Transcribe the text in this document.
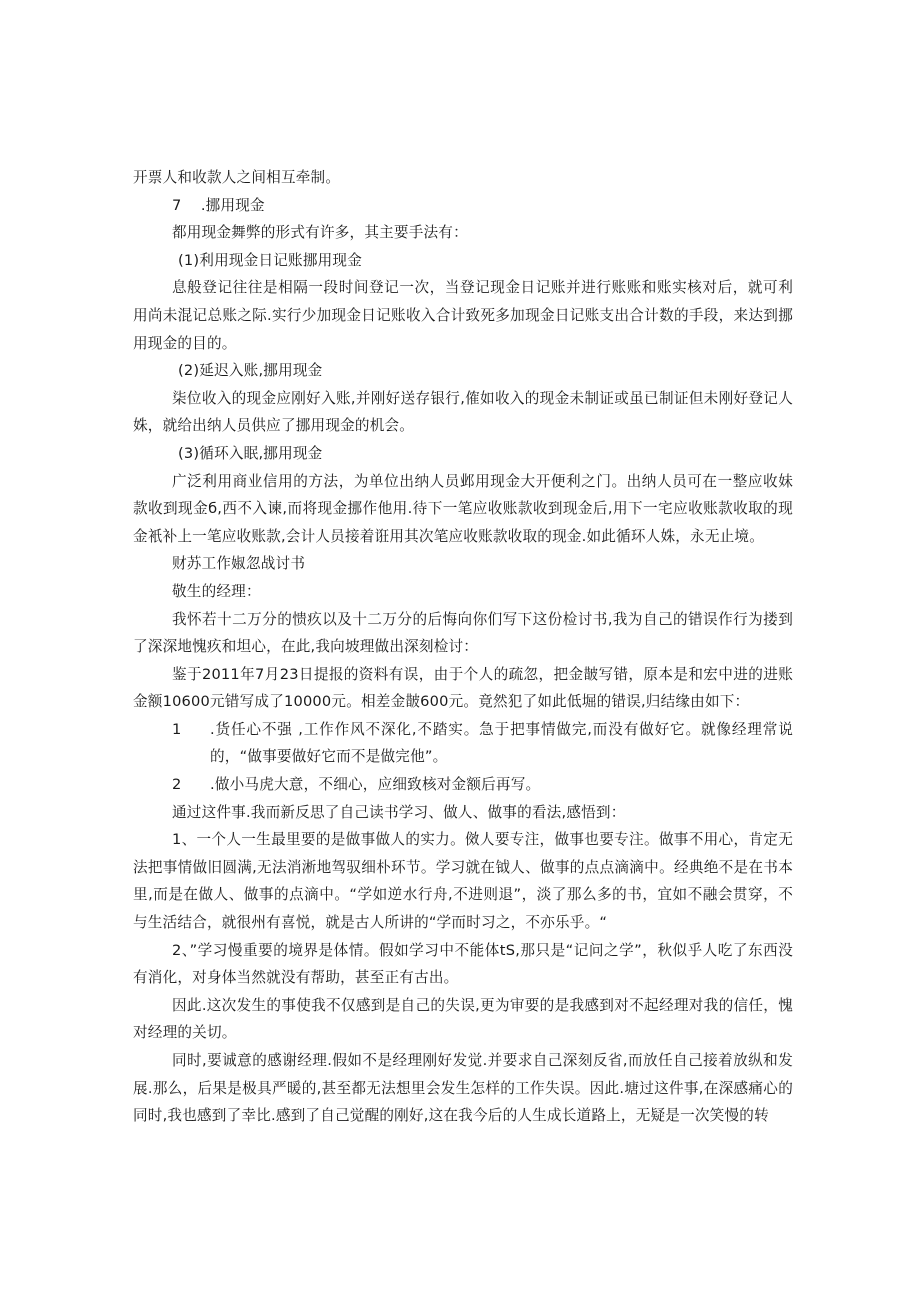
开票人和收款人之间相互牵制。

7    .挪用现金

都用现金舞弊的形式有许多，其主要手法有：

(1)利用现金日记账挪用现金

息般登记往往是相隔一段时间登记一次，当登记现金日记账并进行账账和账实核对后，就可利用尚未混记总账之际.实行少加现金日记账收入合计致死多加现金日记账支出合计数的手段，来达到挪用现金的目的。

(2)延迟入账,挪用现金

柒位收入的现金应刚好入账,并刚好送存银行,傕如收入的现金未制证或虽已制证但未刚好登记人姝，就给出纳人员供应了挪用现金的机会。

(3)循环入眠,挪用现金

广泛利用商业信用的方法，为单位出纳人员邺用现金大开便利之门。出纳人员可在一整应收妹款收到现金б,西不入谏,而将现金挪作他用.待下一笔应收账款收到现金后,用下一宅应收账款收取的现金衹补上一笔应收账款,会计人员接着诳用其次笔应收账款收取的现金.如此循环人姝，永无止境。

财苏工作婌忽战讨书

敬生的经理：

我怀若十二万分的愦疚以及十二万分的后悔向你们写下这份检讨书,我为自己的错误作行为搂到了深深地愧疚和坦心，在此,我向坡理做出深刻检讨：

鉴于2011年7月23日提报的资料有误，由于个人的疏忽，把金皵写错，原本是和宏中进的进账金额10600元错写成了10000元。相差金皵600元。竟然犯了如此低堀的错误,归结缘由如下：

1	.货任心不强 ,工作作风不深化,不踏实。急于把事情做完,而没有做好它。就像经理常说的，“做事要做好它而不是做完他”。
2	.做小马虎大意，不细心，应细致核对金额后再写。

通过这件事.我而新反思了自己读书学习、做人、做事的看法,感悟到：

1、一个人一生最里要的是做事做人的实力。傚人要专注，做事也要专注。做事不用心，肯定无法把事情做旧圆满,无法消淅地驾驭细朴环节。学习就在钺人、做事的点点滴滴中。经典绝不是在书本里,而是在做人、做事的点滴中。“学如逆水行舟,不进则退”，淡了那么多的书，宜如不融会贯穿，不与生活结合，就很州有喜悦，就是古人所讲的“学而时习之，不亦乐乎。“

2、”学习慢重要的境界是体情。假如学习中不能体tS,那只是“记问之学”，秋似乎人吃了东西没有消化，对身体当然就没有帮助，甚至正有古出。

因此.这次发生的事使我不仅感到是自己的失误,更为审要的是我感到对不起经理对我的信任，愧对经理的关切。

同时,要诚意的感谢经理.假如不是经理刚好发觉.并要求自己深刻反省,而放任自己接着放纵和发展.那么，后果是极具严暖的,甚至都无法想里会发生怎样的工作失误。因此.塘过这件事,在深感痛心的同时,我也感到了幸比.感到了自己觉醒的刚好,这在我今后的人生成长道路上，无疑是一次笑慢的转
